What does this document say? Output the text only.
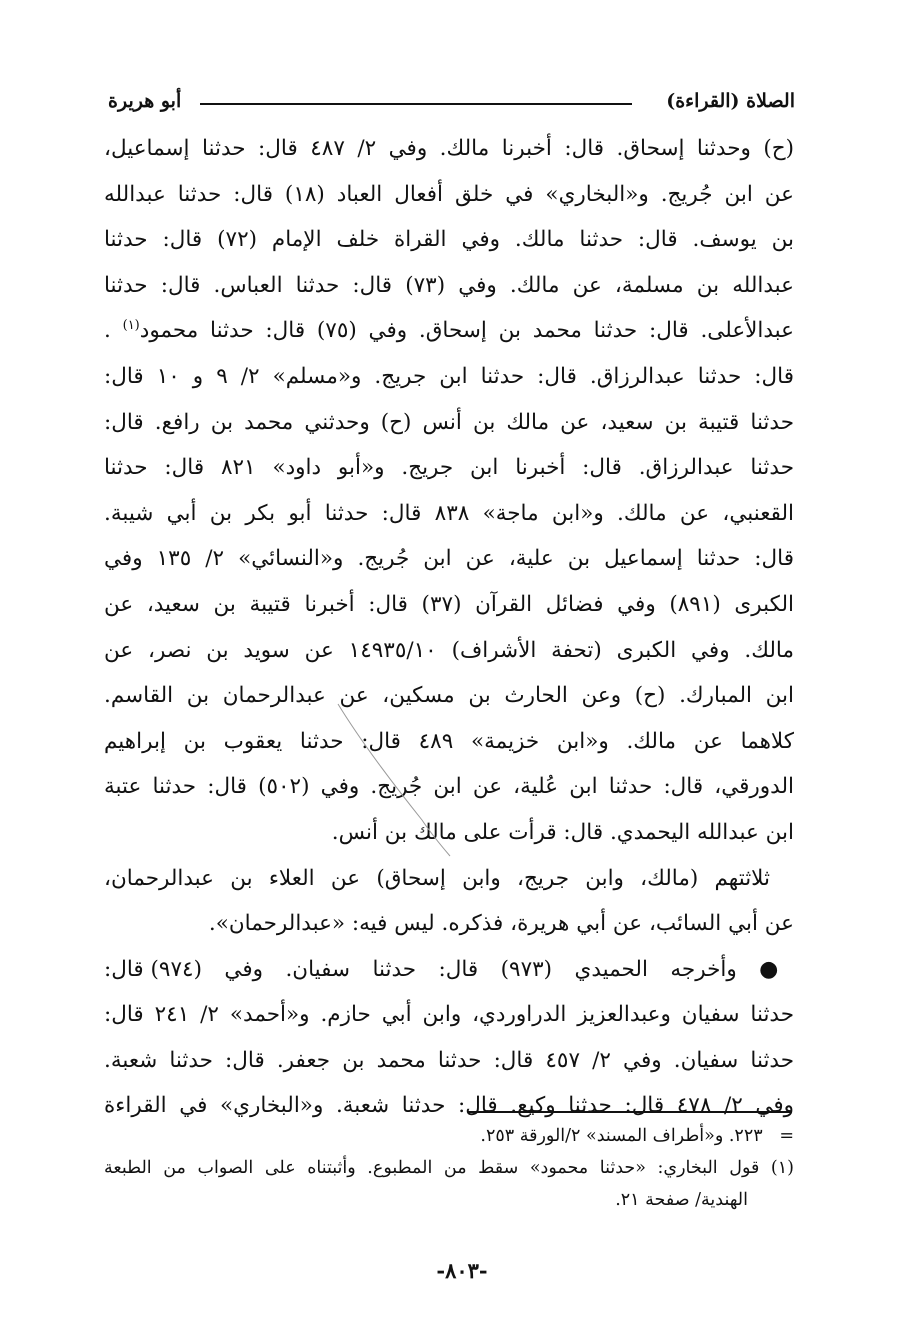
الصلاة (القراءة)
أبو هريرة
(ح) وحدثنا إسحاق. قال: أخبرنا مالك. وفي ٢/ ٤٨٧ قال: حدثنا إسماعيل،
عن ابن جُريج. و«البخاري» في خلق أفعال العباد (١٨) قال: حدثنا عبدالله
بن يوسف. قال: حدثنا مالك. وفي القراة خلف الإمام (٧٢) قال: حدثنا
عبدالله بن مسلمة، عن مالك. وفي (٧٣) قال: حدثنا العباس. قال: حدثنا
عبدالأعلى. قال: حدثنا محمد بن إسحاق. وفي (٧٥) قال: حدثنا محمود$^{(١)}$ .
قال: حدثنا عبدالرزاق. قال: حدثنا ابن جريج. و«مسلم» ٢/ ٩ و ١٠ قال:
حدثنا قتيبة بن سعيد، عن مالك بن أنس (ح) وحدثني محمد بن رافع. قال:
حدثنا عبدالرزاق. قال: أخبرنا ابن جريج. و«أبو داود» ٨٢١ قال: حدثنا
القعنبي، عن مالك. و«ابن ماجة» ٨٣٨ قال: حدثنا أبو بكر بن أبي شيبة.
قال: حدثنا إسماعيل بن علية، عن ابن جُريج. و«النسائي» ٢/ ١٣٥ وفي
الكبرى (٨٩١) وفي فضائل القرآن (٣٧) قال: أخبرنا قتيبة بن سعيد، عن
مالك. وفي الكبرى (تحفة الأشراف) ١٤٩٣٥/١٠ عن سويد بن نصر، عن
ابن المبارك. (ح) وعن الحارث بن مسكين، عن عبدالرحمان بن القاسم.
كلاهما عن مالك. و«ابن خزيمة» ٤٨٩ قال: حدثنا يعقوب بن إبراهيم
الدورقي، قال: حدثنا ابن عُلية، عن ابن جُريج. وفي (٥٠٢) قال: حدثنا عتبة
ابن عبدالله اليحمدي. قال: قرأت على مالك بن أنس.
ثلاثتهم (مالك، وابن جريج، وابن إسحاق) عن العلاء بن عبدالرحمان،
عن أبي السائب، عن أبي هريرة، فذكره. ليس فيه: «عبدالرحمان».
● وأخرجه الحميدي (٩٧٣) قال: حدثنا سفيان. وفي (٩٧٤) قال:
حدثنا سفيان وعبدالعزيز الدراوردي، وابن أبي حازم. و«أحمد» ٢/ ٢٤١ قال:
حدثنا سفيان. وفي ٢/ ٤٥٧ قال: حدثنا محمد بن جعفر. قال: حدثنا شعبة.
وفي ٢/ ٤٧٨ قال: حدثنا وكيع. قال: حدثنا شعبة. و«البخاري» في القراءة
=   ٢٢٣. و«أطراف المسند» ٢/الورقة ٢٥٣.
(١) قول البخاري: «حدثنا محمود» سقط من المطبوع. وأثبتناه على الصواب من الطبعة
الهندية/ صفحة ٢١.
-٨٠٣-
